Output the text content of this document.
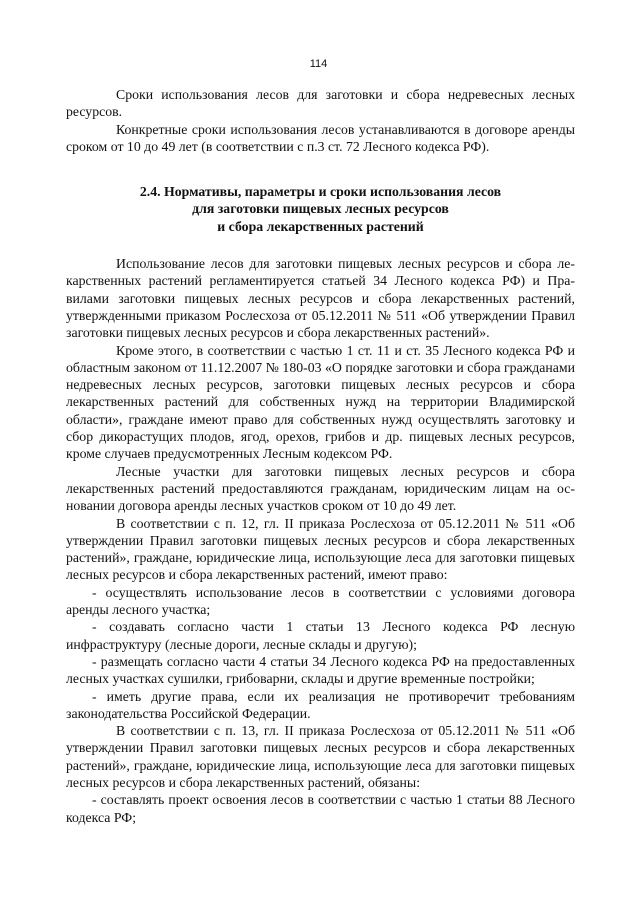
114

Сроки использования лесов для заготовки и сбора недревесных лесных ресурсов.

Конкретные сроки использования лесов устанавливаются в договоре аренды сроком от 10 до 49 лет (в соответствии с п.3 ст. 72 Лесного кодекса РФ).

2.4. Нормативы, параметры и сроки использования лесов
для заготовки пищевых лесных ресурсов
и сбора лекарственных растений

Использование лесов для заготовки пищевых лесных ресурсов и сбора лекарственных растений регламентируется статьей 34 Лесного кодекса РФ) и Правилами заготовки пищевых лесных ресурсов и сбора лекарственных растений, утвержденными приказом Рослесхоза от 05.12.2011 № 511 «Об утверждении Правил заготовки пищевых лесных ресурсов и сбора лекарственных растений».

Кроме этого, в соответствии с частью 1 ст. 11 и ст. 35 Лесного кодекса РФ и областным законом от 11.12.2007 № 180-03 «О порядке заготовки и сбора гражданами недревесных лесных ресурсов, заготовки пищевых лесных ресурсов и сбора лекарственных растений для собственных нужд на территории Владимирской области», граждане имеют право для собственных нужд осуществлять заготовку и сбор дикорастущих плодов, ягод, орехов, грибов и др. пищевых лесных ресурсов, кроме случаев предусмотренных Лесным кодексом РФ.

Лесные участки для заготовки пищевых лесных ресурсов и сбора лекарственных растений предоставляются гражданам, юридическим лицам на основании договора аренды лесных участков сроком от 10 до 49 лет.

В соответствии с п. 12, гл. II приказа Рослесхоза от 05.12.2011 № 511 «Об утверждении Правил заготовки пищевых лесных ресурсов и сбора лекарственных растений», граждане, юридические лица, использующие леса для заготовки пищевых лесных ресурсов и сбора лекарственных растений, имеют право:

- осуществлять использование лесов в соответствии с условиями договора аренды лесного участка;

- создавать согласно части 1 статьи 13 Лесного кодекса РФ лесную инфраструктуру (лесные дороги, лесные склады и другую);

- размещать согласно части 4 статьи 34 Лесного кодекса РФ на предоставленных лесных участках сушилки, грибоварни, склады и другие временные постройки;

- иметь другие права, если их реализация не противоречит требованиям законодательства Российской Федерации.

В соответствии с п. 13, гл. II приказа Рослесхоза от 05.12.2011 № 511 «Об утверждении Правил заготовки пищевых лесных ресурсов и сбора лекарственных растений», граждане, юридические лица, использующие леса для заготовки пищевых лесных ресурсов и сбора лекарственных растений, обязаны:

- составлять проект освоения лесов в соответствии с частью 1 статьи 88 Лесного кодекса РФ;
